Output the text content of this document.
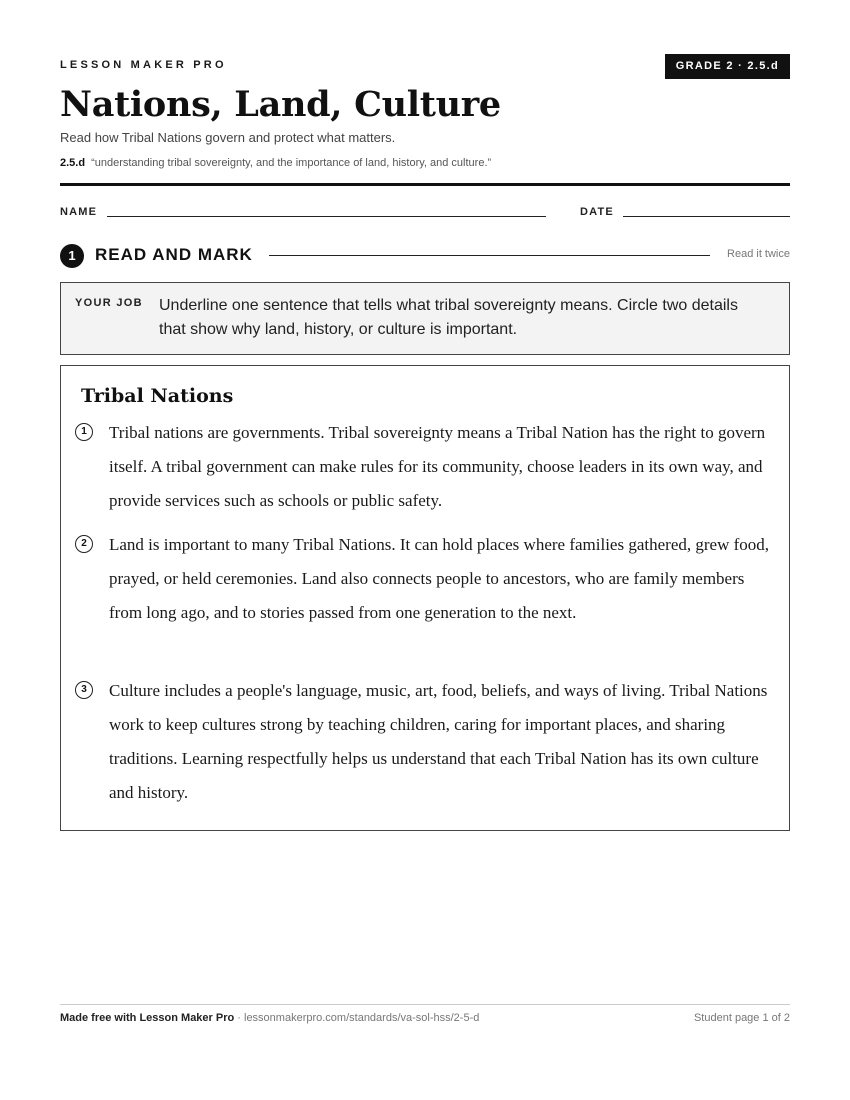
LESSON MAKER PRO	GRADE 2 · 2.5.d
Nations, Land, Culture
Read how Tribal Nations govern and protect what matters.
2.5.d “understanding tribal sovereignty, and the importance of land, history, and culture.”
NAME	DATE
1	READ AND MARK	Read it twice
YOUR JOB Underline one sentence that tells what tribal sovereignty means. Circle two details that show why land, history, or culture is important.
Tribal Nations
1	Tribal nations are governments. Tribal sovereignty means a Tribal Nation has the right to govern itself. A tribal government can make rules for its community, choose leaders in its own way, and provide services such as schools or public safety.
2	Land is important to many Tribal Nations. It can hold places where families gathered, grew food, prayed, or held ceremonies. Land also connects people to ancestors, who are family members from long ago, and to stories passed from one generation to the next.
3	Culture includes a people's language, music, art, food, beliefs, and ways of living. Tribal Nations work to keep cultures strong by teaching children, caring for important places, and sharing traditions. Learning respectfully helps us understand that each Tribal Nation has its own culture and history.
Made free with Lesson Maker Pro · lessonmakerpro.com/standards/va-sol-hss/2-5-d	Student page 1 of 2
